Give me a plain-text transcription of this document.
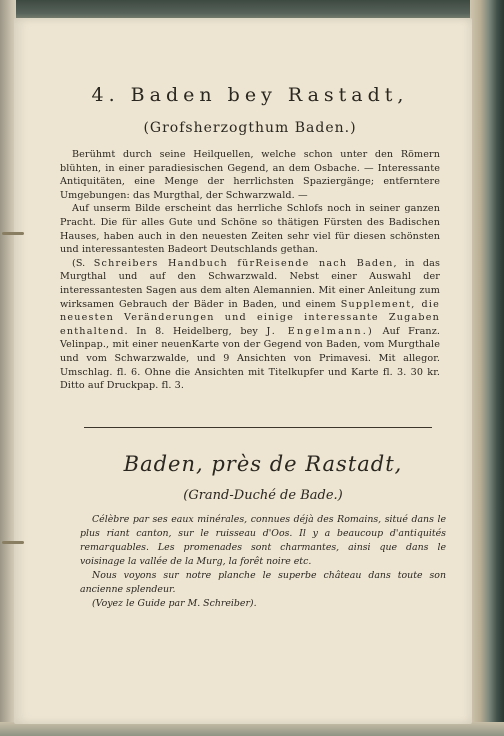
4. Baden bey Rastadt,
(Grofsherzogthum Baden.)

Berühmt durch seine Heilquellen, welche schon unter den Römern blühten, in einer paradiesischen Gegend, an dem Osbache. — Interessante Antiquitäten, eine Menge der herrlichsten Spaziergänge; entferntere Umgebungen: das Murgthal, der Schwarzwald. —

Auf unserm Bilde erscheint das herrliche Schlofs noch in seiner ganzen Pracht. Die für alles Gute und Schöne so thätigen Fürsten des Badischen Hauses, haben auch in den neuesten Zeiten sehr viel für diesen schönsten und interessantesten Badeort Deutschlands gethan.

(S. Schreibers Handbuch fürReisende nach Baden, in das Murgthal und auf den Schwarzwald. Nebst einer Auswahl der interessantesten Sagen aus dem alten Alemannien. Mit einer Anleitung zum wirksamen Gebrauch der Bäder in Baden, und einem Supplement, die neuesten Veränderungen und einige interessante Zugaben enthaltend. In 8. Heidelberg, bey J. Engelmann.) Auf Franz. Velinpap., mit einer neuenKarte von der Gegend von Baden, vom Murgthale und vom Schwarzwalde, und 9 Ansichten von Primavesi. Mit allegor. Umschlag. fl. 6. Ohne die Ansichten mit Titelkupfer und Karte fl. 3. 30 kr. Ditto auf Druckpap. fl. 3.

Baden, près de Rastadt,
(Grand-Duché de Bade.)

Célèbre par ses eaux minérales, connues déjà des Romains, situé dans le plus riant canton, sur le ruisseau d'Oos. Il y a beaucoup d'antiquités remarquables. Les promenades sont charmantes, ainsi que dans le voisinage la vallée de la Murg, la forêt noire etc.

Nous voyons sur notre planche le superbe château dans toute son ancienne splendeur.

(Voyez le Guide par M. Schreiber).
